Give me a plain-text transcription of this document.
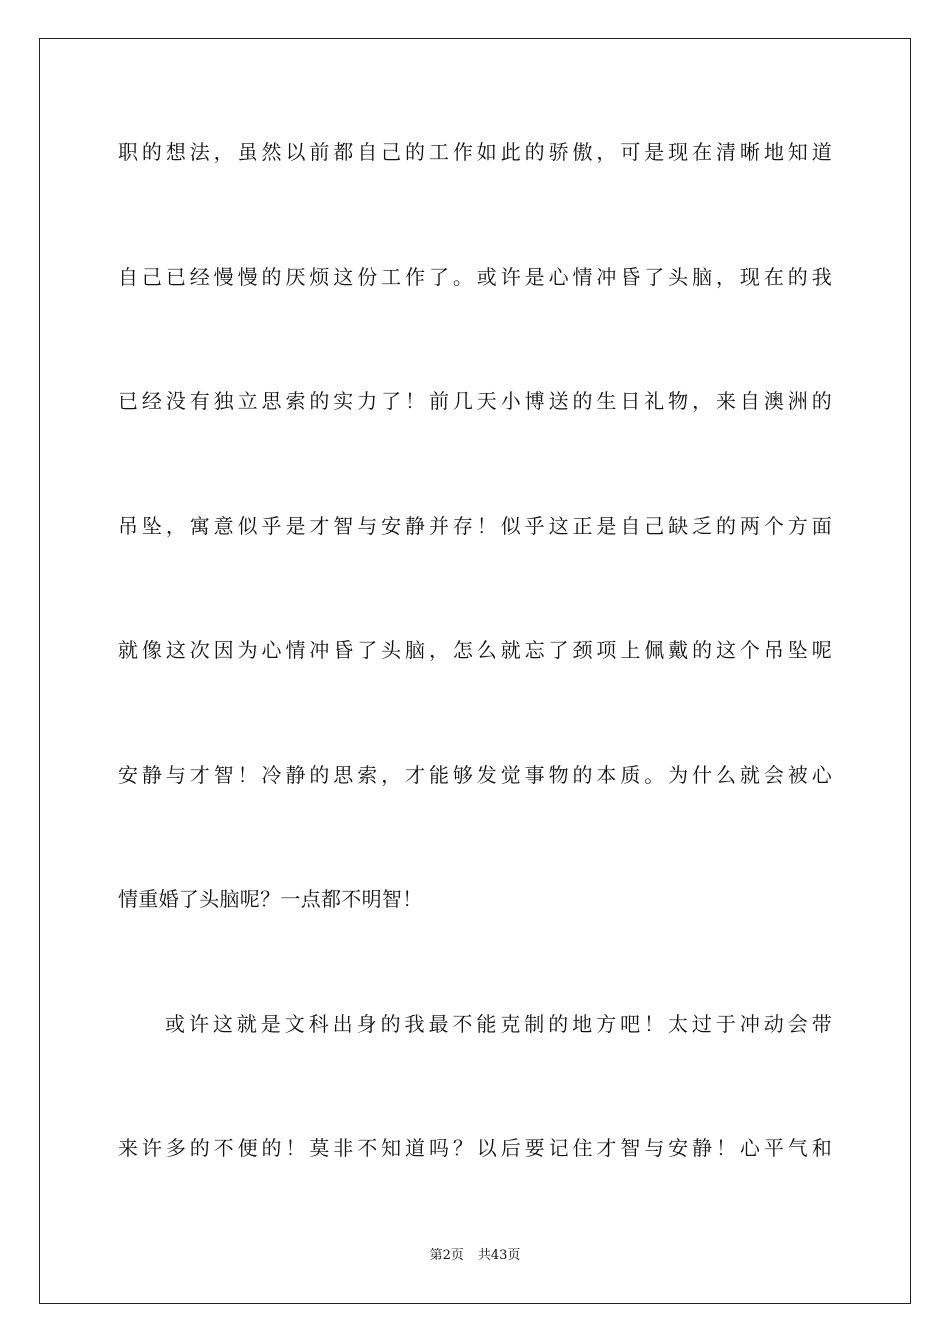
职的想法，虽然以前都自己的工作如此的骄傲，可是现在清晰地知道
自己已经慢慢的厌烦这份工作了。或许是心情冲昏了头脑，现在的我
已经没有独立思索的实力了！前几天小博送的生日礼物，来自澳洲的
吊坠，寓意似乎是才智与安静并存！似乎这正是自己缺乏的两个方面
就像这次因为心情冲昏了头脑，怎么就忘了颈项上佩戴的这个吊坠呢
安静与才智！冷静的思索，才能够发觉事物的本质。为什么就会被心
情重婚了头脑呢？一点都不明智！
或许这就是文科出身的我最不能克制的地方吧！太过于冲动会带
来许多的不便的！莫非不知道吗？以后要记住才智与安静！心平气和
第2页 共43页
